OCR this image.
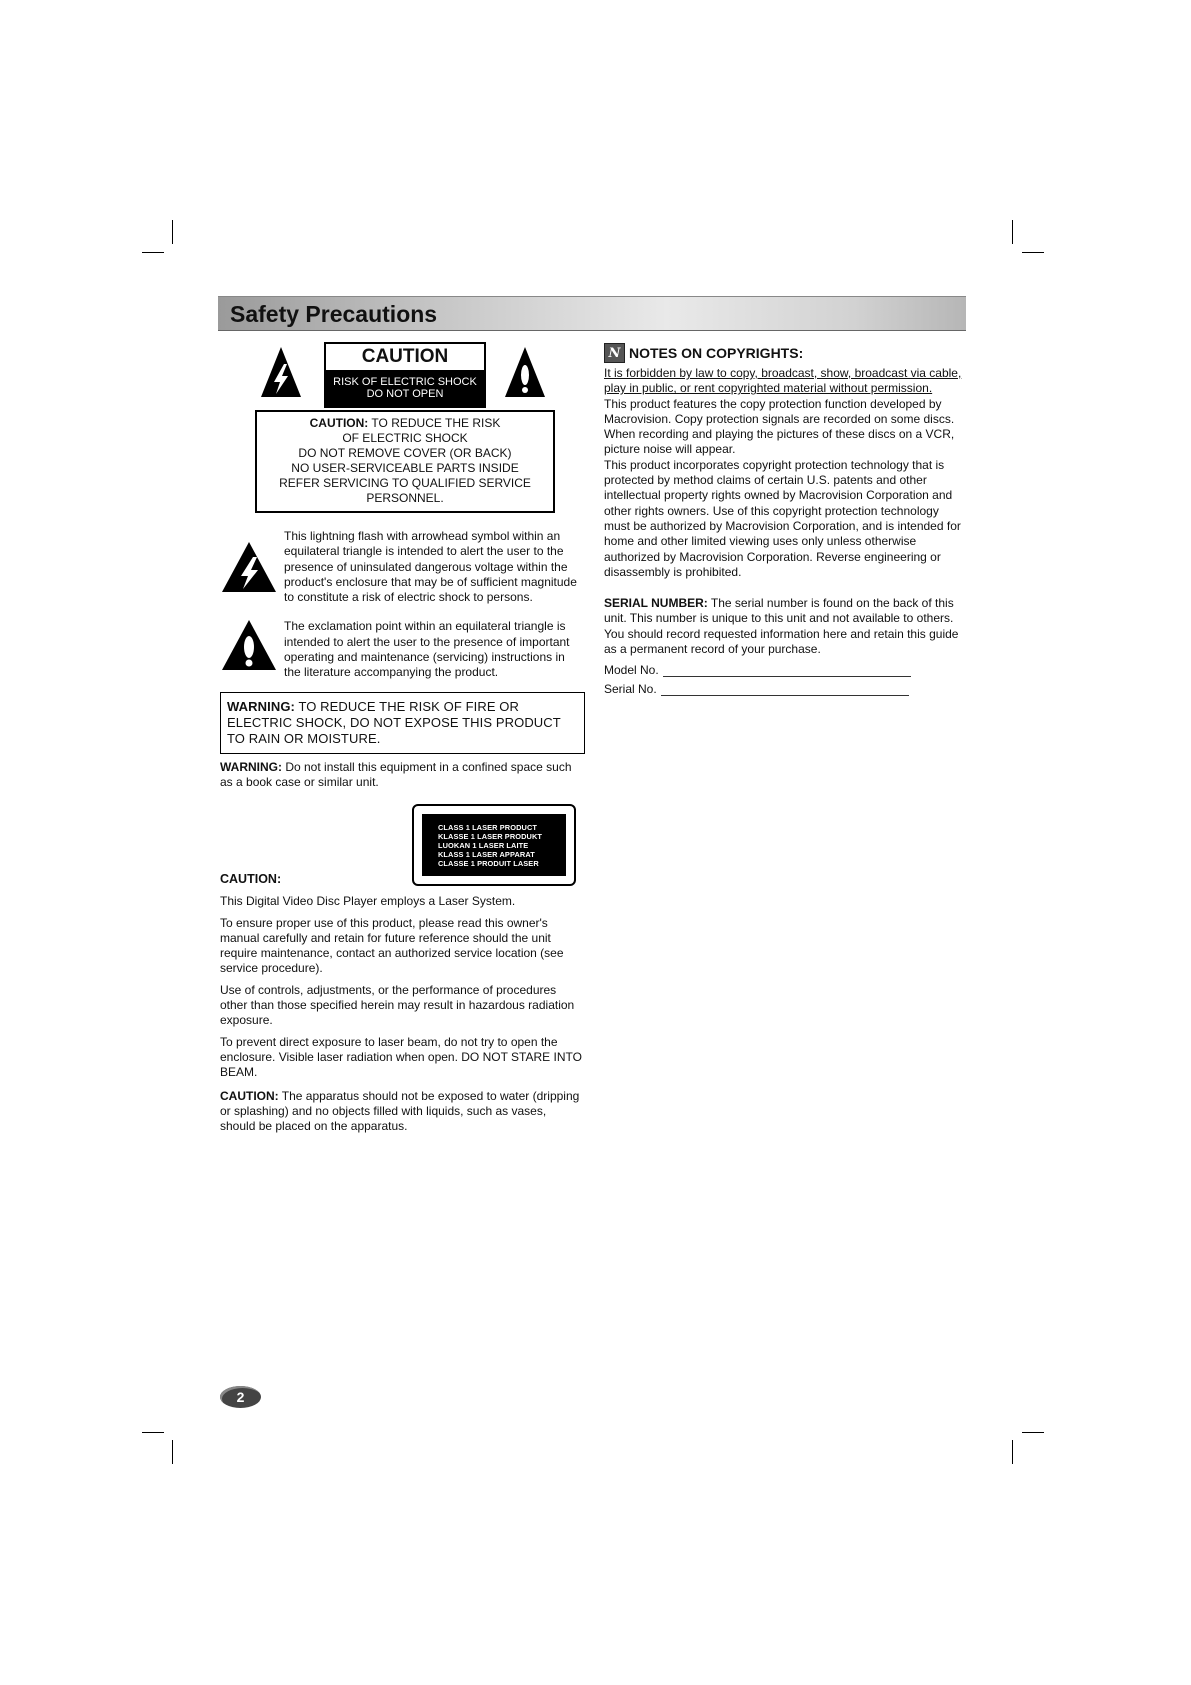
Safety Precautions
CAUTION
RISK OF ELECTRIC SHOCK
DO NOT OPEN
CAUTION: TO REDUCE THE RISK
OF ELECTRIC SHOCK
DO NOT REMOVE COVER (OR BACK)
NO USER-SERVICEABLE PARTS INSIDE
REFER SERVICING TO QUALIFIED SERVICE
PERSONNEL.

This lightning flash with arrowhead symbol within an equilateral triangle is intended to alert the user to the presence of uninsulated dangerous voltage within the product's enclosure that may be of sufficient magnitude to constitute a risk of electric shock to persons.

The exclamation point within an equilateral triangle is intended to alert the user to the presence of important operating and maintenance (servicing) instructions in the literature accompanying the product.

WARNING: TO REDUCE THE RISK OF FIRE OR ELECTRIC SHOCK, DO NOT EXPOSE THIS PRODUCT TO RAIN OR MOISTURE.

WARNING: Do not install this equipment in a confined space such as a book case or similar unit.

CLASS 1 LASER PRODUCT
KLASSE 1 LASER PRODUKT
LUOKAN 1 LASER LAITE
KLASS 1 LASER APPARAT
CLASSE 1 PRODUIT LASER
CAUTION:

This Digital Video Disc Player employs a Laser System.

To ensure proper use of this product, please read this owner's manual carefully and retain for future reference should the unit require maintenance, contact an authorized service location (see service procedure).

Use of controls, adjustments, or the performance of procedures other than those specified herein may result in hazardous radiation exposure.

To prevent direct exposure to laser beam, do not try to open the enclosure. Visible laser radiation when open. DO NOT STARE INTO BEAM.

CAUTION: The apparatus should not be exposed to water (dripping or splashing) and no objects filled with liquids, such as vases, should be placed on the apparatus.

N NOTES ON COPYRIGHTS:

It is forbidden by law to copy, broadcast, show, broadcast via cable, play in public, or rent copyrighted material without permission.

This product features the copy protection function developed by Macrovision. Copy protection signals are recorded on some discs. When recording and playing the pictures of these discs on a VCR, picture noise will appear.

This product incorporates copyright protection technology that is protected by method claims of certain U.S. patents and other intellectual property rights owned by Macrovision Corporation and other rights owners. Use of this copyright protection technology must be authorized by Macrovision Corporation, and is intended for home and other limited viewing uses only unless otherwise authorized by Macrovision Corporation. Reverse engineering or disassembly is prohibited.

SERIAL NUMBER: The serial number is found on the back of this unit. This number is unique to this unit and not available to others. You should record requested information here and retain this guide as a permanent record of your purchase.

Model No.
Serial No.
2
